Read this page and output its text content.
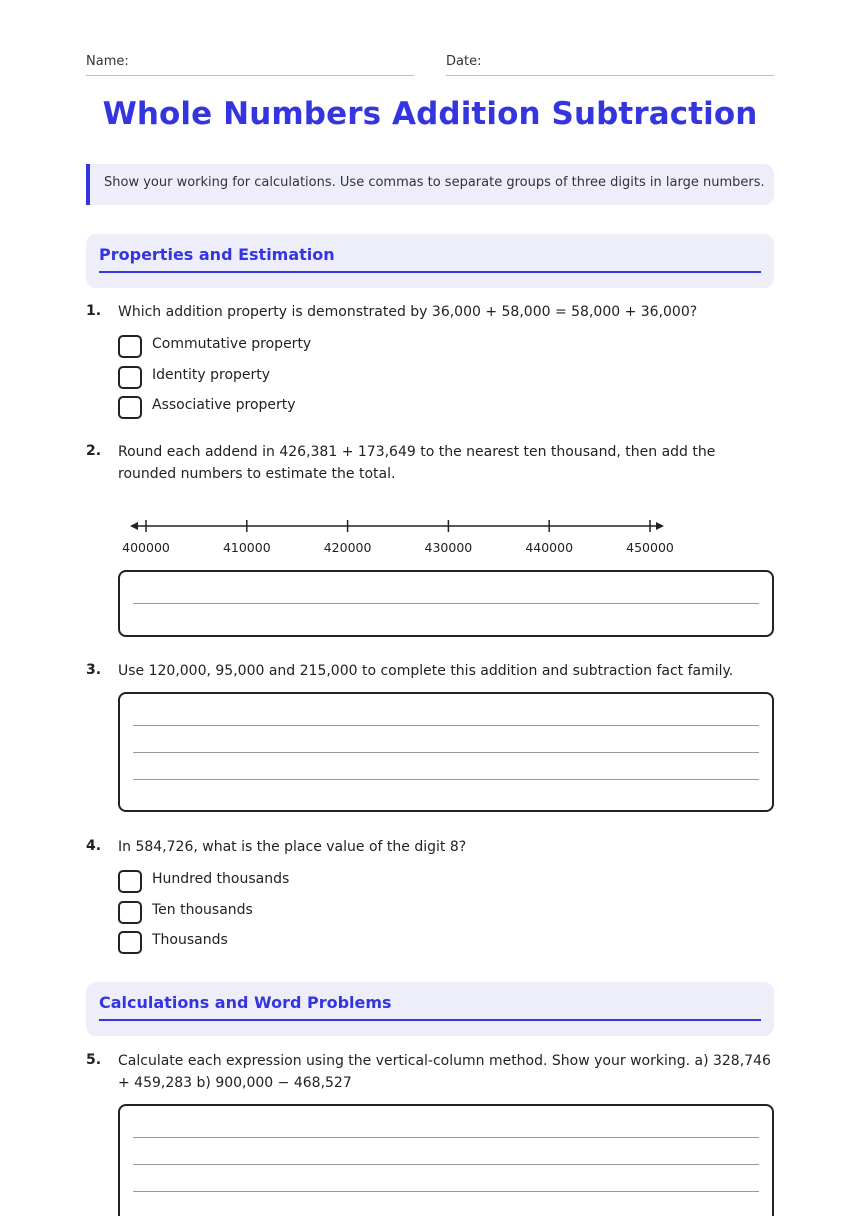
Name:	Date:
Whole Numbers Addition Subtraction
Show your working for calculations. Use commas to separate groups of three digits in large numbers.
Properties and Estimation
1. Which addition property is demonstrated by 36,000 + 58,000 = 58,000 + 36,000?
Commutative property
Identity property
Associative property
2. Round each addend in 426,381 + 173,649 to the nearest ten thousand, then add the rounded numbers to estimate the total.
400000	410000	420000	430000	440000	450000
3. Use 120,000, 95,000 and 215,000 to complete this addition and subtraction fact family.
4. In 584,726, what is the place value of the digit 8?
Hundred thousands
Ten thousands
Thousands
Calculations and Word Problems
5. Calculate each expression using the vertical-column method. Show your working. a) 328,746 + 459,283 b) 900,000 − 468,527
